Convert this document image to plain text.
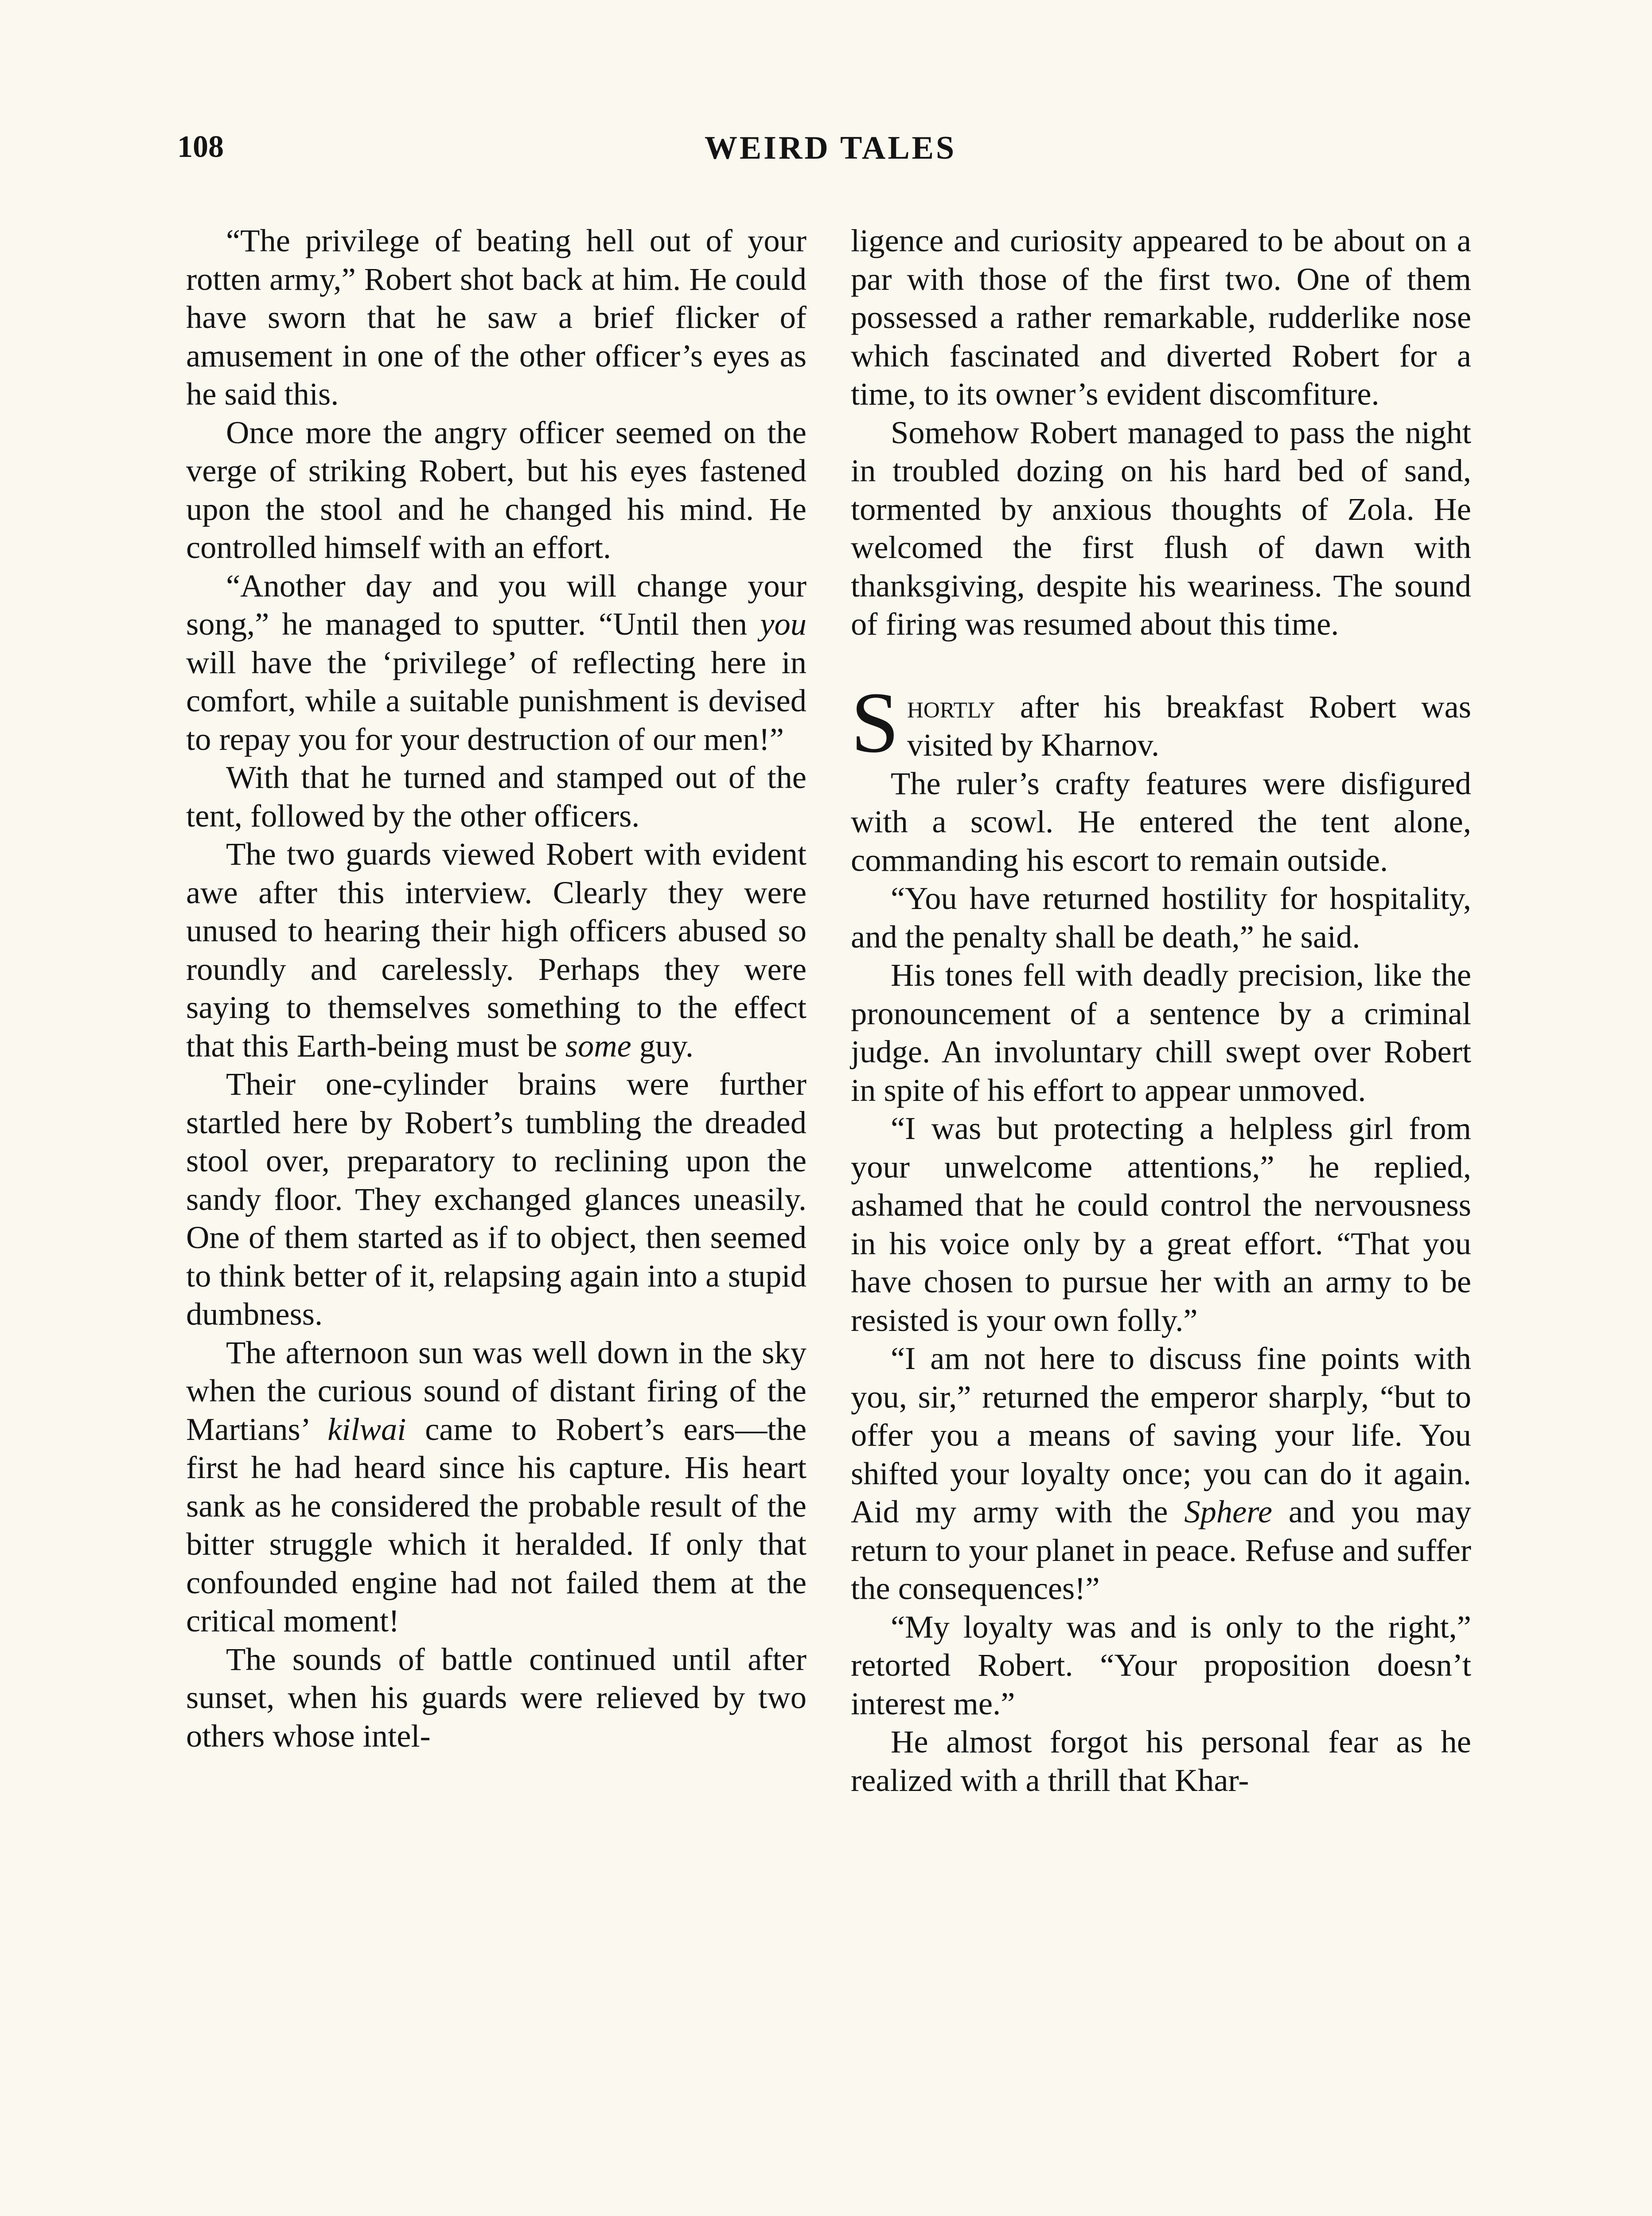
108	WEIRD TALES

“The privilege of beating hell out of your rotten army,” Robert shot back at him. He could have sworn that he saw a brief flicker of amusement in one of the other officer’s eyes as he said this.

Once more the angry officer seemed on the verge of striking Robert, but his eyes fastened upon the stool and he changed his mind. He controlled himself with an effort.

“Another day and you will change your song,” he managed to sputter. “Until then you will have the ‘privilege’ of reflecting here in comfort, while a suitable punishment is devised to repay you for your destruction of our men!”

With that he turned and stamped out of the tent, followed by the other officers.

The two guards viewed Robert with evident awe after this interview. Clearly they were unused to hearing their high officers abused so roundly and carelessly. Perhaps they were saying to themselves something to the effect that this Earth-being must be some guy.

Their one-cylinder brains were further startled here by Robert’s tumbling the dreaded stool over, preparatory to reclining upon the sandy floor. They exchanged glances uneasily. One of them started as if to object, then seemed to think better of it, relapsing again into a stupid dumbness.

The afternoon sun was well down in the sky when the curious sound of distant firing of the Martians’ kilwai came to Robert’s ears—the first he had heard since his capture. His heart sank as he considered the probable result of the bitter struggle which it heralded. If only that confounded engine had not failed them at the critical moment!

The sounds of battle continued until after sunset, when his guards were relieved by two others whose intel-

ligence and curiosity appeared to be about on a par with those of the first two. One of them possessed a rather remarkable, rudderlike nose which fascinated and diverted Robert for a time, to its owner’s evident discomfiture.

Somehow Robert managed to pass the night in troubled dozing on his hard bed of sand, tormented by anxious thoughts of Zola. He welcomed the first flush of dawn with thanksgiving, despite his weariness. The sound of firing was resumed about this time.

Shortly after his breakfast Robert was visited by Kharnov.

The ruler’s crafty features were disfigured with a scowl. He entered the tent alone, commanding his escort to remain outside.

“You have returned hostility for hospitality, and the penalty shall be death,” he said.

His tones fell with deadly precision, like the pronouncement of a sentence by a criminal judge. An involuntary chill swept over Robert in spite of his effort to appear unmoved.

“I was but protecting a helpless girl from your unwelcome attentions,” he replied, ashamed that he could control the nervousness in his voice only by a great effort. “That you have chosen to pursue her with an army to be resisted is your own folly.”

“I am not here to discuss fine points with you, sir,” returned the emperor sharply, “but to offer you a means of saving your life. You shifted your loyalty once; you can do it again. Aid my army with the Sphere and you may return to your planet in peace. Refuse and suffer the consequences!”

“My loyalty was and is only to the right,” retorted Robert. “Your proposition doesn’t interest me.”

He almost forgot his personal fear as he realized with a thrill that Khar-
